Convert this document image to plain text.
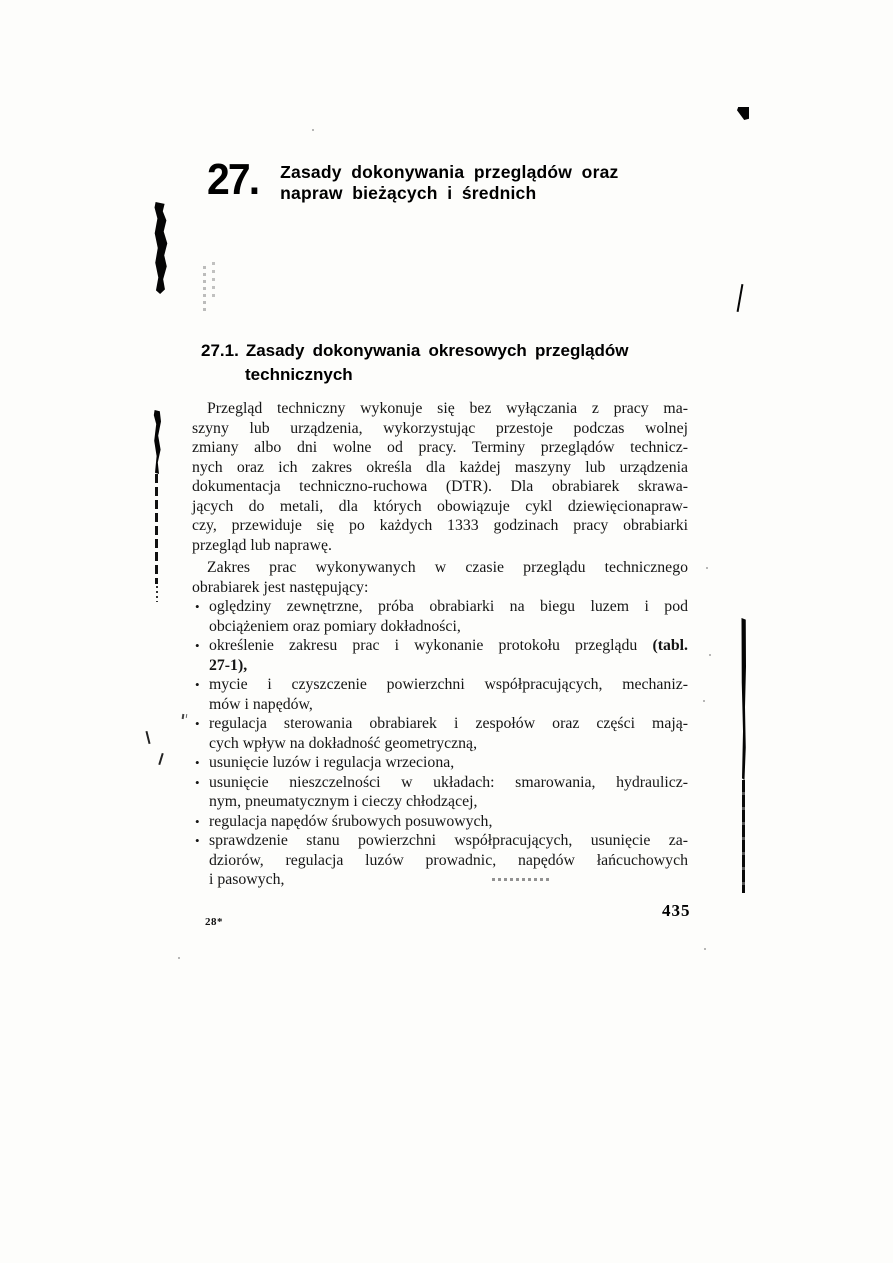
27. Zasady dokonywania przeglądów oraz
napraw bieżących i średnich
27.1. Zasady dokonywania okresowych przeglądów
technicznych
Przegląd techniczny wykonuje się bez wyłączania z pracy ma-
szyny lub urządzenia, wykorzystując przestoje podczas wolnej
zmiany albo dni wolne od pracy. Terminy przeglądów technicz-
nych oraz ich zakres określa dla każdej maszyny lub urządzenia
dokumentacja techniczno-ruchowa (DTR). Dla obrabiarek skrawa-
jących do metali, dla których obowiązuje cykl dziewięcionapraw-
czy, przewiduje się po każdych 1333 godzinach pracy obrabiarki
przegląd lub naprawę.
Zakres prac wykonywanych w czasie przeglądu technicznego
obrabiarek jest następujący:
• oględziny zewnętrzne, próba obrabiarki na biegu luzem i pod
obciążeniem oraz pomiary dokładności,
• określenie zakresu prac i wykonanie protokołu przeglądu (tabl.
27-1),
• mycie i czyszczenie powierzchni współpracujących, mechaniz-
mów i napędów,
• regulacja sterowania obrabiarek i zespołów oraz części mają-
cych wpływ na dokładność geometryczną,
• usunięcie luzów i regulacja wrzeciona,
• usunięcie nieszczelności w układach: smarowania, hydraulicz-
nym, pneumatycznym i cieczy chłodzącej,
• regulacja napędów śrubowych posuwowych,
• sprawdzenie stanu powierzchni współpracujących, usunięcie za-
dziorów, regulacja luzów prowadnic, napędów łańcuchowych
i pasowych,
28*
435
